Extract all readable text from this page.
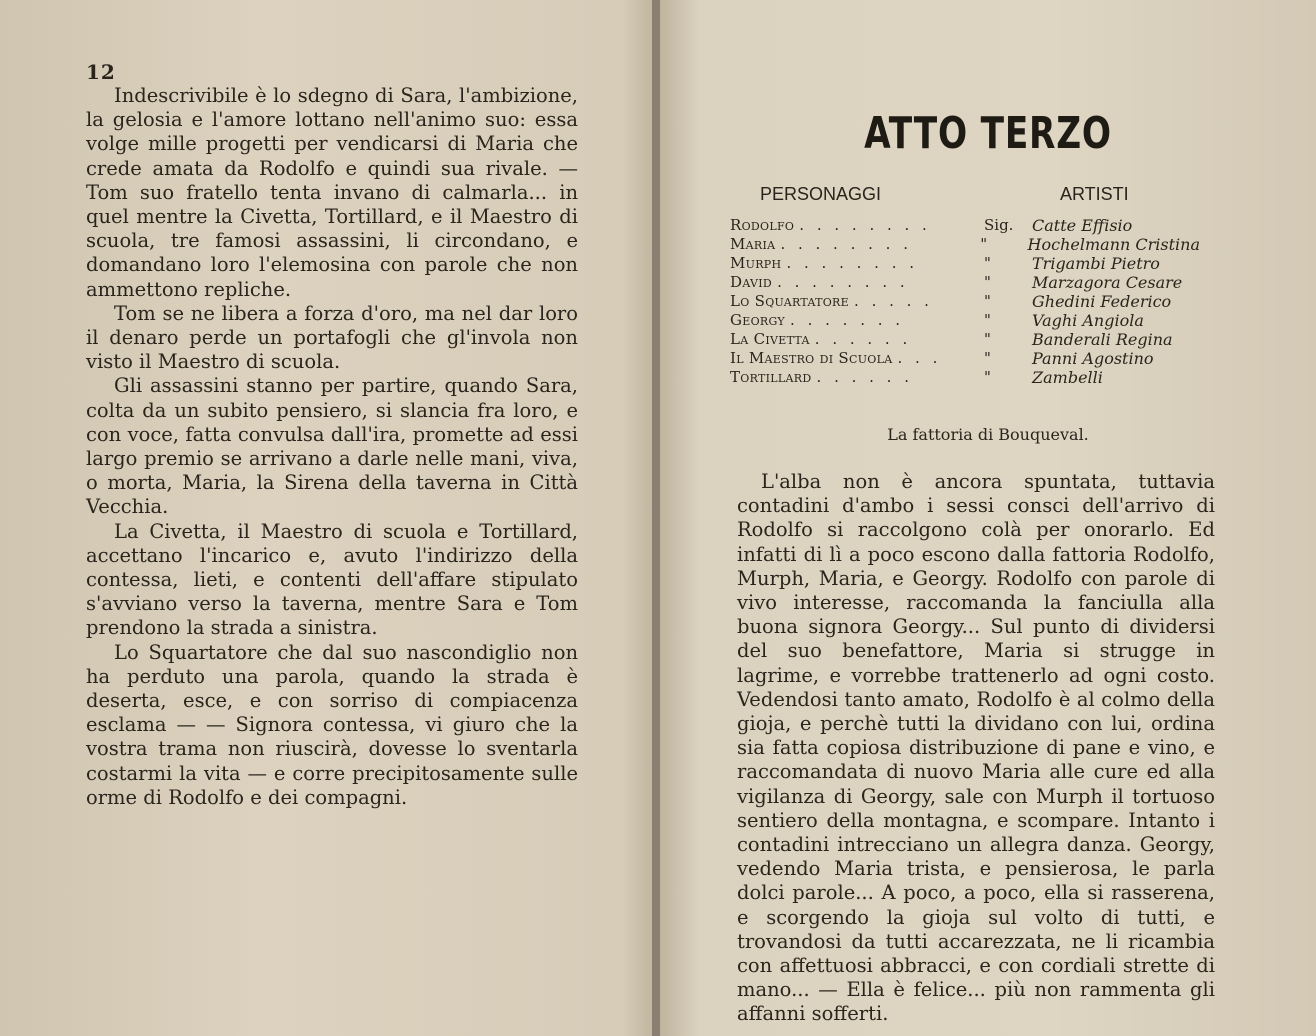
12

Indescrivibile è lo sdegno di Sara, l'ambizione, la gelosia e l'amore lottano nell'animo suo: essa volge mille progetti per vendicarsi di Maria che crede amata da Rodolfo e quindi sua rivale. — Tom suo fratello tenta invano di calmarla... in quel mentre la Civetta, Tortillard, e il Maestro di scuola, tre famosi assassini, li circondano, e domandano loro l'elemosina con parole che non ammettono repliche.

Tom se ne libera a forza d'oro, ma nel dar loro il denaro perde un portafogli che gl'invola non visto il Maestro di scuola.

Gli assassini stanno per partire, quando Sara, colta da un subito pensiero, si slancia fra loro, e con voce, fatta convulsa dall'ira, promette ad essi largo premio se arrivano a darle nelle mani, viva, o morta, Maria, la Sirena della taverna in Città Vecchia.

La Civetta, il Maestro di scuola e Tortillard, accettano l'incarico e, avuto l'indirizzo della contessa, lieti, e contenti dell'affare stipulato s'avviano verso la taverna, mentre Sara e Tom prendono la strada a sinistra.

Lo Squartatore che dal suo nascondiglio non ha perduto una parola, quando la strada è deserta, esce, e con sorriso di compiacenza esclama — — Signora contessa, vi giuro che la vostra trama non riuscirà, dovesse lo sventarla costarmi la vita — e corre precipitosamente sulle orme di Rodolfo e dei compagni.

ATTO TERZO
PERSONAGGI	ARTISTI
Rodolfo . . . . . . . .	Sig.	Catte Effisio
Maria . . . . . . . .	"	Hochelmann Cristina
Murph . . . . . . . .	"	Trigambi Pietro
David . . . . . . . .	"	Marzagora Cesare
Lo Squartatore . . . . .	"	Ghedini Federico
Georgy . . . . . . .	"	Vaghi Angiola
La Civetta . . . . . .	"	Banderali Regina
Il Maestro di Scuola . . .	"	Panni Agostino
Tortillard . . . . . .	"	Zambelli
La fattoria di Bouqueval.

L'alba non è ancora spuntata, tuttavia contadini d'ambo i sessi consci dell'arrivo di Rodolfo si raccolgono colà per onorarlo. Ed infatti di lì a poco escono dalla fattoria Rodolfo, Murph, Maria, e Georgy. Rodolfo con parole di vivo interesse, raccomanda la fanciulla alla buona signora Georgy... Sul punto di dividersi del suo benefattore, Maria si strugge in lagrime, e vorrebbe trattenerlo ad ogni costo. Vedendosi tanto amato, Rodolfo è al colmo della gioja, e perchè tutti la dividano con lui, ordina sia fatta copiosa distribuzione di pane e vino, e raccomandata di nuovo Maria alle cure ed alla vigilanza di Georgy, sale con Murph il tortuoso sentiero della montagna, e scompare. Intanto i contadini intrecciano un allegra danza. Georgy, vedendo Maria trista, e pensierosa, le parla dolci parole... A poco, a poco, ella si rasserena, e scorgendo la gioja sul volto di tutti, e trovandosi da tutti accarezzata, ne li ricambia con affettuosi abbracci, e con cordiali strette di mano... — Ella è felice... più non rammenta gli affanni sofferti.
